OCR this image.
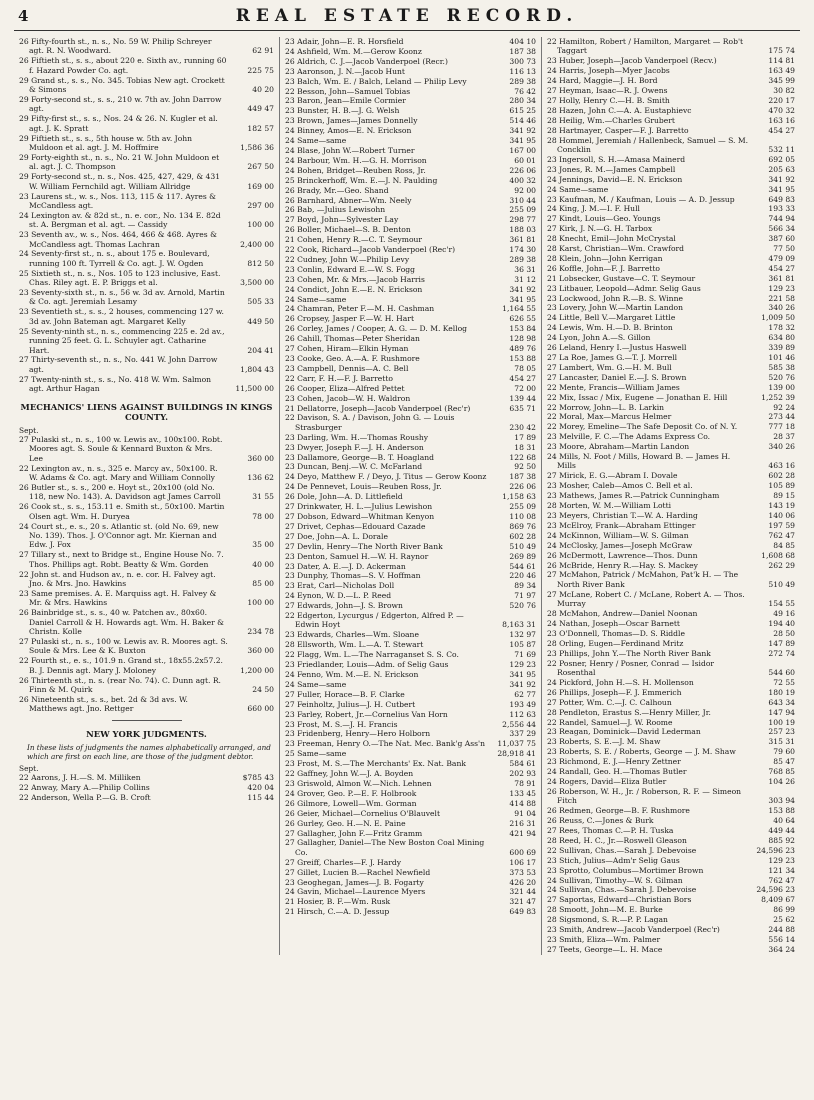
4	REAL ESTATE RECORD.
26 Fifty-fourth st., n. s., No. 59 W. Philip Schreyer agt. R. N. Woodward.	62 91
26 Fiftieth st., s. s., about 220 e. Sixth av., running 60 f. Hazard Powder Co. agt.	225 75
29 Grand st., s. s., No. 345. Tobias New agt. Crockett & Simons	40 20
29 Forty-second st., s. s., 210 w. 7th av. John Darrow agt.	449 47
29 Fifty-first st., s. s., Nos. 24 & 26. N. Kugler et al. agt. J. K. Spratt	182 57
29 Fiftieth st., s. s., 5th house w. 5th av. John Muldoon et al. agt. J. M. Hoffmire	1,586 36
29 Forty-eighth st., n. s., No. 21 W. John Muldoon et al. agt. J. C. Thompson	267 50
29 Forty-second st., n. s., Nos. 425, 427, 429, & 431 W. William Fernchild agt. William Allridge	169 00
23 Laurens st., w. s., Nos. 113, 115 & 117. Ayres & McCandless agt.	297 00
24 Lexington av. & 82d st., n. e. cor., No. 134 E. 82d st. A. Bergman et al. agt. — Cassidy	100 00
23 Seventh av., w. s., Nos. 464, 466 & 468. Ayres & McCandless agt. Thomas Lachran	2,400 00
24 Seventy-first st., n. s., about 175 e. Boulevard, running 100 ft. Tyrrell & Co. agt. J. W. Ogden	812 50
25 Sixtieth st., n. s., Nos. 105 to 123 inclusive, East. Chas. Riley agt. E. P. Briggs et al.	3,500 00
23 Seventy-sixth st., n. s., 56 w. 3d av. Arnold, Martin & Co. agt. Jeremiah Lesamy	505 33
23 Seventieth st., s. s., 2 houses, commencing 127 w. 3d av. John Bateman agt. Margaret Kelly	449 50
25 Seventy-ninth st., n. s., commencing 225 e. 2d av., running 25 feet. G. L. Schuyler agt. Catharine Hart.	204 41
27 Thirty-seventh st., n. s., No. 441 W. John Darrow agt.	1,804 43
27 Twenty-ninth st., s. s., No. 418 W. Wm. Salmon agt. Arthur Hagan	11,500 00
MECHANICS' LIENS AGAINST BUILDINGS IN KINGS COUNTY.
Sept.
27 Pulaski st., n. s., 100 w. Lewis av., 100x100. Robt. Moores agt. S. Soule & Kennard Buxton & Mrs. Lee	360 00
22 Lexington av., n. s., 325 e. Marcy av., 50x100. R. W. Adams & Co. agt. Mary and William Connolly	136 62
26 Butler st., s. s., 200 e. Hoyt st., 20x100 (old No. 118, new No. 143). A. Davidson agt James Carroll	31 55
26 Cook st., s. s., 153.11 e. Smith st., 50x100. Martin Olsen agt. Wm. H. Duryea	78 00
24 Court st., e. s., 20 s. Atlantic st. (old No. 69, new No. 139). Thos. J. O'Connor agt. Mr. Kiernan and Edw. J. Fox	35 00
27 Tillary st., next to Bridge st., Engine House No. 7. Thos. Phillips agt. Robt. Beatty & Wm. Gorden	40 00
22 John st. and Hudson av., n. e. cor. H. Falvey agt. Jno. & Mrs. Jno. Hawkins	85 00
23 Same premises. A. E. Marquiss agt. H. Falvey & Mr. & Mrs. Hawkins	100 00
26 Bainbridge st., s. s., 40 w. Patchen av., 80x60. Daniel Carroll & H. Howards agt. Wm. H. Baker & Christn. Kolle	234 78
27 Pulaski st., n. s., 100 w. Lewis av. R. Moores agt. S. Soule & Mrs. Lee & K. Buxton	360 00
22 Fourth st., e. s., 101.9 n. Grand st., 18x55.2x57.2. B. J. Dennis agt. Mary J. Moloney	1,200 00
26 Thirteenth st., n. s. (rear No. 74). C. Dunn agt. R. Finn & M. Quirk	24 50
26 Nineteenth st., s. s., bet. 2d & 3d avs. W. Matthews agt. Jno. Rettger	660 00
NEW YORK JUDGMENTS.
In these lists of judgments the names alphabetically arranged, and which are first on each line, are those of the judgment debtor.
Sept.
22 Aarons, J. H.—S. M. Milliken	$785 43
22 Anway, Mary A.—Philip Collins	420 04
22 Anderson, Wella P.—G. B. Croft	115 44
23 Adair, John—E. R. Horsfield	404 10
24 Ashfield, Wm. M.—Gerow Koonz	187 38
26 Aldrich, C. J.—Jacob Vanderpoel (Recr.)	300 73
23 Aaronson, J. N.—Jacob Hunt	116 13
23 Balch, Wm. E. / Balch, Leland — Philip Levy	289 38
22 Besson, John—Samuel Tobias	76 42
23 Baron, Jean—Emile Cormier	280 34
23 Bunster, H. B.—J. G. Welsh	615 25
23 Brown, James—James Donnelly	514 46
24 Binney, Amos—E. N. Erickson	341 92
24 Same—same	341 95
24 Blase, John W.—Robert Turner	167 00
24 Barbour, Wm. H.—G. H. Morrison	60 01
24 Bohen, Bridget—Reuben Ross, Jr.	226 06
25 Brinckerhoff, Wm. E.—J. N. Paulding	400 32
26 Brady, Mr.—Geo. Shand	92 00
26 Barnhard, Abner—Wm. Neely	310 44
26 Bab, —Julius Lewisohn	255 09
27 Boyd, John—Sylvester Lay	298 77
26 Boller, Michael—S. B. Denton	188 03
21 Cohen, Henry R.—C. T. Seymour	361 81
22 Cook, Richard—Jacob Vanderpoel (Rec'r)	174 30
22 Cudney, John W.—Philip Levy	289 38
23 Conlin, Edward E.—W. S. Fogg	36 31
23 Cohen, Mr. & Mrs.—Jacob Harris	31 12
24 Condict, John E.—E. N. Erickson	341 92
24 Same—same	341 95
24 Chamran, Peter F.—M. H. Cashman	1,164 55
26 Cropsey, Jasper F.—W. H. Hart	626 55
26 Corley, James / Cooper, A. G. — D. M. Kellog	153 84
26 Cahill, Thomas—Peter Sheridan	128 98
27 Cohen, Hiram—Elkin Hyman	489 76
23 Cooke, Geo. A.—A. F. Rushmore	153 88
23 Campbell, Dennis—A. C. Bell	78 05
22 Carr, F. H.—F. J. Barretto	454 27
26 Cooper, Eliza—Alfred Pettet	72 00
23 Cohen, Jacob—W. H. Waldron	139 44
21 Dellatorre, Joseph—Jacob Vanderpoel (Rec'r)	635 71
22 Davison, S. A. / Davison, John G. — Louis Strasburger	230 42
23 Darling, Wm. H.—Thomas Roushy	17 89
23 Dwyer, Joseph F.—J. H. Anderson	18 31
23 Dallamore, George—B. T. Hoagland	122 68
23 Duncan, Benj.—W. C. McFarland	92 50
24 Deyo, Matthew F. / Deyo, J. Titus — Gerow Koonz	187 38
24 De Pennevet, Louis—Reuben Ross, Jr.	226 06
26 Dole, John—A. D. Littlefield	1,158 63
27 Drinkwater, H. L.—Julius Lewishon	255 09
27 Dobson, Edward—Whitman Kenyon	110 08
27 Drivet, Cephas—Edouard Cazade	869 76
27 Doe, John—A. L. Dorale	602 28
27 Devlin, Henry—The North River Bank	510 49
23 Denton, Samuel H.—W. H. Raynor	269 89
23 Dater, A. E.—J. D. Ackerman	544 61
23 Dunphy, Thomas—S. V. Hoffman	220 46
23 Erat, Carl—Nicholas Doll	89 34
24 Eynon, W. D.—L. P. Reed	71 97
27 Edwards, John—J. S. Brown	520 76
22 Edgerton, Lycurgus / Edgerton, Alfred P. — Edwin Hoyt	8,163 31
23 Edwards, Charles—Wm. Sloane	132 97
28 Ellsworth, Wm. L.—A. T. Stewart	105 87
22 Flagg, Wm. L.—The Narraganset S. S. Co.	71 69
23 Friedlander, Louis—Adm. of Selig Gaus	129 23
24 Fenno, Wm. M.—E. N. Erickson	341 95
24 Same—same	341 92
27 Fuller, Horace—B. F. Clarke	62 77
27 Feinholtz, Julius—J. H. Cutbert	193 49
23 Farley, Robert, Jr.—Cornelius Van Horn	112 63
23 Frost, M. S.—J. H. Francis	2,556 44
23 Fridenberg, Henry—Hero Holborn	337 29
23 Freeman, Henry O.—The Nat. Mec. Bank'g Ass'n	11,037 75
25 Same—same	28,918 41
23 Frost, M. S.—The Merchants' Ex. Nat. Bank	584 61
22 Gaffney, John W.—J. A. Boyden	202 93
23 Griswold, Almon W.—Nich. Lehnen	78 91
24 Grover, Geo. P.—E. F. Holbrook	133 45
26 Gilmore, Lowell—Wm. Gorman	414 88
26 Geier, Michael—Cornelius O'Blauvelt	91 04
26 Gurley, Geo. H.—N. E. Paine	216 31
27 Gallagher, John F.—Fritz Gramm	421 94
27 Gallagher, Daniel—The New Boston Coal Mining Co.	600 69
27 Greiff, Charles—F. J. Hardy	106 17
27 Gillet, Lucien B.—Rachel Newfield	373 53
23 Geoghegan, James—J. B. Fogarty	426 20
24 Gavin, Michael—Laurence Myers	321 44
21 Hosier, B. F.—Wm. Rusk	321 47
21 Hirsch, C.—A. D. Jessup	649 83
22 Hamilton, Robert / Hamilton, Margaret — Rob't Taggart	175 74
23 Huber, Joseph—Jacob Vanderpoel (Recv.)	114 81
24 Harris, Joseph—Myer Jacobs	163 49
24 Hard, Maggie—J. H. Bord	345 99
27 Heyman, Isaac—R. J. Owens	30 82
27 Holly, Henry C.—H. B. Smith	220 17
28 Hazen, John C.—A. A. Eustaphievc	470 32
28 Heilig, Wm.—Charles Grubert	163 16
28 Hartmayer, Casper—F. J. Barretto	454 27
28 Hommel, Jeremiah / Hallenbeck, Samuel — S. M. Concklin	532 11
23 Ingersoll, S. H.—Amasa Mainerd	692 05
23 Jones, R. M.—James Campbell	205 63
24 Jennings, David—E. N. Erickson	341 92
24 Same—same	341 95
23 Kaufman, M. / Kaufman, Louis — A. D. Jessup	649 83
24 King, J. M.—I. F. Hull	193 33
27 Kindt, Louis—Geo. Youngs	744 94
27 Kirk, J. N.—G. H. Tarbox	566 34
28 Knecht, Emil—John McCrystal	387 60
28 Karst, Christian—Wm. Crawford	77 50
28 Klein, John—John Kerrigan	479 09
26 Koffle, John—F. J. Barretto	454 27
21 Lobsecker, Gustave—C. T. Seymour	361 81
23 Litbauer, Leopold—Admr. Selig Gaus	129 23
23 Lockwood, John R.—B. S. Winne	221 58
23 Lovery, John W.—Martin Landon	340 26
24 Little, Bell V.—Margaret Little	1,009 50
24 Lewis, Wm. H.—D. B. Brinton	178 32
24 Lyon, John A.—S. Gillon	634 80
26 Leland, Henry I.—Justus Haswell	339 89
27 La Roe, James G.—T. J. Morrell	101 46
27 Lambert, Wm. G.—H. M. Bull	585 38
27 Lancaster, Daniel E.—J. S. Brown	520 76
22 Mente, Francis—William James	139 00
22 Mix, Issac / Mix, Eugene — Jonathan E. Hill	1,252 39
22 Morrow, John—L. B. Larkin	92 24
22 Moral, Max—Marcus Helmer	273 44
22 Morey, Emeline—The Safe Deposit Co. of N. Y.	777 18
23 Melville, F. C.—The Adams Express Co.	28 37
23 Moore, Abraham—Martin Landon	340 26
24 Mills, N. Foot / Mills, Howard B. — James H. Mills	463 16
27 Mirick, E. G.—Abram I. Dovale	602 28
23 Mosher, Caleb—Amos C. Bell et al.	105 89
23 Mathews, James R.—Patrick Cunningham	89 15
28 Morten, W. M.—William Lotti	143 19
23 Meyers, Christian T.—W. A. Harding	140 06
23 McElroy, Frank—Abraham Ettinger	197 59
24 McKinnon, William—W. S. Gilman	762 47
24 McClosky, James—Joseph McGraw	84 85
26 McDermott, Lawrence—Thos. Dunn	1,608 68
26 McBride, Henry R.—Hay. S. Mackey	262 29
27 McMahon, Patrick / McMahon, Pat'k H. — The North River Bank	510 49
27 McLane, Robert C. / McLane, Robert A. — Thos. Murray	154 55
28 McMahon, Andrew—Daniel Noonan	49 16
24 Nathan, Joseph—Oscar Barnett	194 40
23 O'Donnell, Thomas—D. S. Riddle	28 50
28 Orling, Eugen—Ferdinand Mritz	147 89
23 Phillips, John Y.—The North River Bank	272 74
22 Posner, Henry / Posner, Conrad — Isidor Rosenthal	544 60
24 Pickford, John H.—S. H. Mollenson	72 55
26 Phillips, Joseph—F. J. Emmerich	180 19
27 Potter, Wm. C.—J. C. Calhoun	643 34
28 Pendleton, Erastus S.—Henry Miller, Jr.	147 94
22 Randel, Samuel—J. W. Roome	100 19
23 Reagan, Dominick—David Lederman	257 23
23 Roberts, S. E.—J. M. Shaw	315 31
23 Roberts, S. E. / Roberts, George — J. M. Shaw	79 60
23 Richmond, E. J.—Henry Zettner	85 47
24 Randall, Geo. H.—Thomas Butler	768 85
24 Rogers, David—Eliza Butler	104 26
26 Roberson, W. H., Jr. / Roberson, R. F. — Simeon Fitch	303 94
26 Redmen, George—B. F. Rushmore	153 88
26 Reuss, C.—Jones & Burk	40 64
27 Rees, Thomas C.—P. H. Tuska	449 44
28 Reed, H. C., Jr.—Roswell Gleason	885 92
22 Sullivan, Chas.—Sarah J. Debevoise	24,596 23
23 Stich, Julius—Adm'r Selig Gaus	129 23
23 Sprotto, Columbus—Mortimer Brown	121 34
24 Sullivan, Timothy—W. S. Gilman	762 47
24 Sullivan, Chas.—Sarah J. Debevoise	24,596 23
27 Saportas, Edward—Christian Bors	8,409 67
28 Smoott, John—M. E. Burke	86 99
28 Sigsmond, S. R.—P. P. Lagan	25 62
23 Smith, Andrew—Jacob Vanderpoel (Rec'r)	244 88
23 Smith, Eliza—Wm. Palmer	556 14
27 Teets, George—L. H. Mace	364 24
